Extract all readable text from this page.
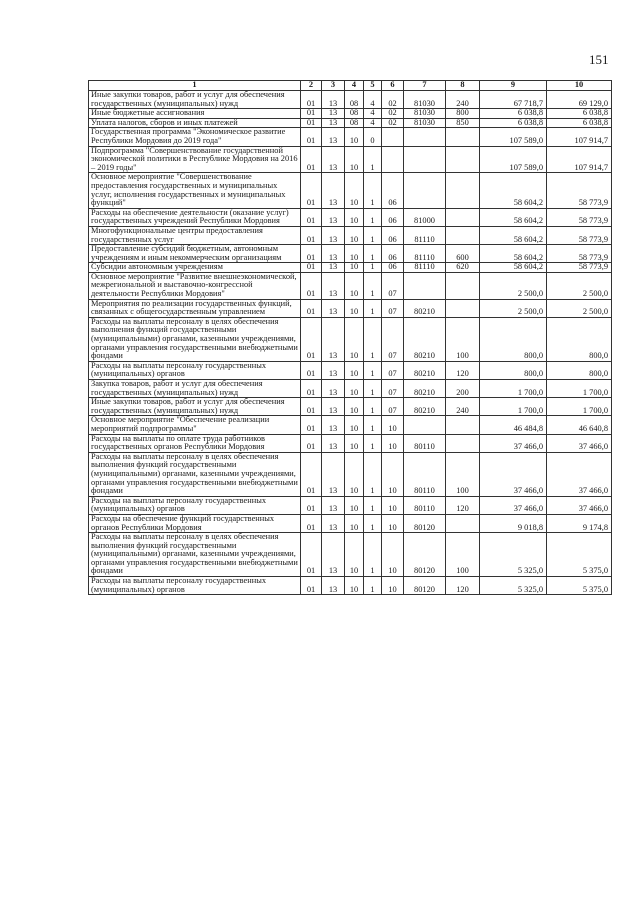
151
1	2	3	4	5	6	7	8	9	10
Иные закупки товаров, работ и услуг для обеспечения государственных (муниципальных) нужд	01	13	08	4	02	81030	240	67 718,7	69 129,0
Иные бюджетные ассигнования	01	13	08	4	02	81030	800	6 038,8	6 038,8
Уплата налогов, сборов и иных платежей	01	13	08	4	02	81030	850	6 038,8	6 038,8
Государственная программа "Экономическое развитие Республики Мордовия до 2019 года"	01	13	10	0				107 589,0	107 914,7
Подпрограмма "Совершенствование государственной экономической политики в Республике Мордовия на 2016 – 2019 годы"	01	13	10	1				107 589,0	107 914,7
Основное мероприятие "Совершенствование предоставления государственных и муниципальных услуг, исполнения государственных и муниципальных функций"	01	13	10	1	06			58 604,2	58 773,9
Расходы на обеспечение деятельности (оказание услуг) государственных учреждений Республики Мордовия	01	13	10	1	06	81000		58 604,2	58 773,9
Многофункциональные центры предоставления государственных услуг	01	13	10	1	06	81110		58 604,2	58 773,9
Предоставление субсидий бюджетным, автономным учреждениям и иным некоммерческим организациям	01	13	10	1	06	81110	600	58 604,2	58 773,9
Субсидии автономным учреждениям	01	13	10	1	06	81110	620	58 604,2	58 773,9
Основное мероприятие "Развитие внешнеэкономической, межрегиональной и выставочно-конгрессной деятельности Республики Мордовия"	01	13	10	1	07			2 500,0	2 500,0
Мероприятия по реализации государственных функций, связанных с общегосударственным управлением	01	13	10	1	07	80210		2 500,0	2 500,0
Расходы на выплаты персоналу в целях обеспечения выполнения функций государственными (муниципальными) органами, казенными учреждениями, органами управления государственными внебюджетными фондами	01	13	10	1	07	80210	100	800,0	800,0
Расходы на выплаты персоналу государственных (муниципальных) органов	01	13	10	1	07	80210	120	800,0	800,0
Закупка товаров, работ и услуг для обеспечения государственных (муниципальных) нужд	01	13	10	1	07	80210	200	1 700,0	1 700,0
Иные закупки товаров, работ и услуг для обеспечения государственных (муниципальных) нужд	01	13	10	1	07	80210	240	1 700,0	1 700,0
Основное мероприятие "Обеспечение реализации мероприятий подпрограммы"	01	13	10	1	10			46 484,8	46 640,8
Расходы на выплаты по оплате труда работников государственных органов Республики Мордовия	01	13	10	1	10	80110		37 466,0	37 466,0
Расходы на выплаты персоналу в целях обеспечения выполнения функций государственными (муниципальными) органами, казенными учреждениями, органами управления государственными внебюджетными фондами	01	13	10	1	10	80110	100	37 466,0	37 466,0
Расходы на выплаты персоналу государственных (муниципальных) органов	01	13	10	1	10	80110	120	37 466,0	37 466,0
Расходы на обеспечение функций государственных органов Республики Мордовия	01	13	10	1	10	80120		9 018,8	9 174,8
Расходы на выплаты персоналу в целях обеспечения выполнения функций государственными (муниципальными) органами, казенными учреждениями, органами управления государственными внебюджетными фондами	01	13	10	1	10	80120	100	5 325,0	5 375,0
Расходы на выплаты персоналу государственных (муниципальных) органов	01	13	10	1	10	80120	120	5 325,0	5 375,0
